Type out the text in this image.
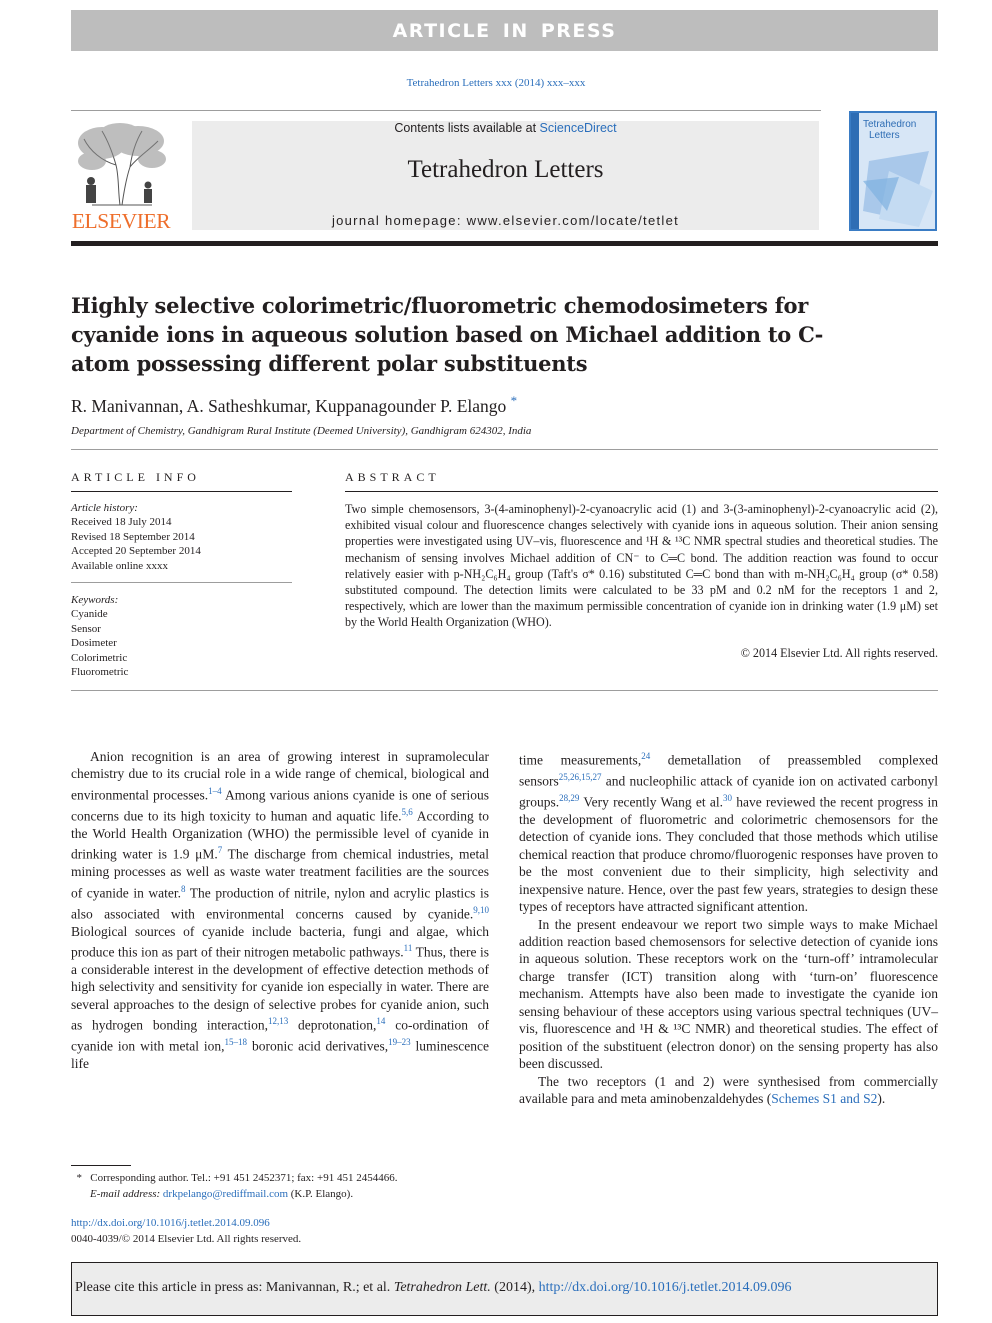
ARTICLE IN PRESS
Tetrahedron Letters xxx (2014) xxx–xxx
Contents lists available at ScienceDirect
Tetrahedron Letters
journal homepage: www.elsevier.com/locate/tetlet
ELSEVIER
Tetrahedron
Letters
Highly selective colorimetric/fluorometric chemodosimeters for cyanide ions in aqueous solution based on Michael addition to C-atom possessing different polar substituents
R. Manivannan, A. Satheshkumar, Kuppanagounder P. Elango *
Department of Chemistry, Gandhigram Rural Institute (Deemed University), Gandhigram 624302, India
ARTICLE INFO
Article history:
Received 18 July 2014
Revised 18 September 2014
Accepted 20 September 2014
Available online xxxx
Keywords:
Cyanide
Sensor
Dosimeter
Colorimetric
Fluorometric
ABSTRACT
Two simple chemosensors, 3-(4-aminophenyl)-2-cyanoacrylic acid (1) and 3-(3-aminophenyl)-2-cyanoacrylic acid (2), exhibited visual colour and fluorescence changes selectively with cyanide ions in aqueous solution. Their anion sensing properties were investigated using UV–vis, fluorescence and ¹H & ¹³C NMR spectral studies and theoretical studies. The mechanism of sensing involves Michael addition of CN⁻ to C═C bond. The addition reaction was found to occur relatively easier with p-NH₂C₆H₄ group (Taft's σ* 0.16) substituted C═C bond than with m-NH₂C₆H₄ group (σ* 0.58) substituted compound. The detection limits were calculated to be 33 pM and 0.2 nM for the receptors 1 and 2, respectively, which are lower than the maximum permissible concentration of cyanide ion in drinking water (1.9 μM) set by the World Health Organization (WHO).
© 2014 Elsevier Ltd. All rights reserved.

Anion recognition is an area of growing interest in supramolecular chemistry due to its crucial role in a wide range of chemical, biological and environmental processes.$^{1-4}$ Among various anions cyanide is one of serious concerns due to its high toxicity to human and aquatic life.$^{5,6}$ According to the World Health Organization (WHO) the permissible level of cyanide in drinking water is 1.9 μM.$^7$ The discharge from chemical industries, metal mining processes as well as waste water treatment facilities are the sources of cyanide in water.$^8$ The production of nitrile, nylon and acrylic plastics is also associated with environmental concerns caused by cyanide.$^{9,10}$ Biological sources of cyanide include bacteria, fungi and algae, which produce this ion as part of their nitrogen metabolic pathways.$^{11}$ Thus, there is a considerable interest in the development of effective detection methods of high selectivity and sensitivity for cyanide ion especially in water. There are several approaches to the design of selective probes for cyanide anion, such as hydrogen bonding interaction,$^{12,13}$ deprotonation,$^{14}$ co-ordination of cyanide ion with metal ion,$^{15-18}$ boronic acid derivatives,$^{19-23}$ luminescence life

time measurements,$^{24}$ demetallation of preassembled complexed sensors$^{25,26,15,27}$ and nucleophilic attack of cyanide ion on activated carbonyl groups.$^{28,29}$ Very recently Wang et al.$^{30}$ have reviewed the recent progress in the development of fluorometric and colorimetric chemosensors for the detection of cyanide ions. They concluded that those methods which utilise chemical reaction that produce chromo/fluorogenic responses have proven to be the most convenient due to their simplicity, high selectivity and inexpensive nature. Hence, over the past few years, strategies to design these types of receptors have attracted significant attention.

In the present endeavour we report two simple ways to make Michael addition reaction based chemosensors for selective detection of cyanide ions in aqueous solution. These receptors work on the ‘turn-off’ intramolecular charge transfer (ICT) transition along with ‘turn-on’ fluorescence mechanism. Attempts have also been made to investigate the cyanide ion sensing behaviour of these acceptors using various spectral techniques (UV–vis, fluorescence and ¹H & ¹³C NMR) and theoretical studies. The effect of position of the substituent (electron donor) on the sensing property has also been discussed.

The two receptors (1 and 2) were synthesised from commercially available para and meta aminobenzaldehydes (Schemes S1 and S2).

* Corresponding author. Tel.: +91 451 2452371; fax: +91 451 2454466.
E-mail address: drkpelango@rediffmail.com (K.P. Elango).
http://dx.doi.org/10.1016/j.tetlet.2014.09.096
0040-4039/© 2014 Elsevier Ltd. All rights reserved.
Please cite this article in press as: Manivannan, R.; et al. Tetrahedron Lett. (2014), http://dx.doi.org/10.1016/j.tetlet.2014.09.096
